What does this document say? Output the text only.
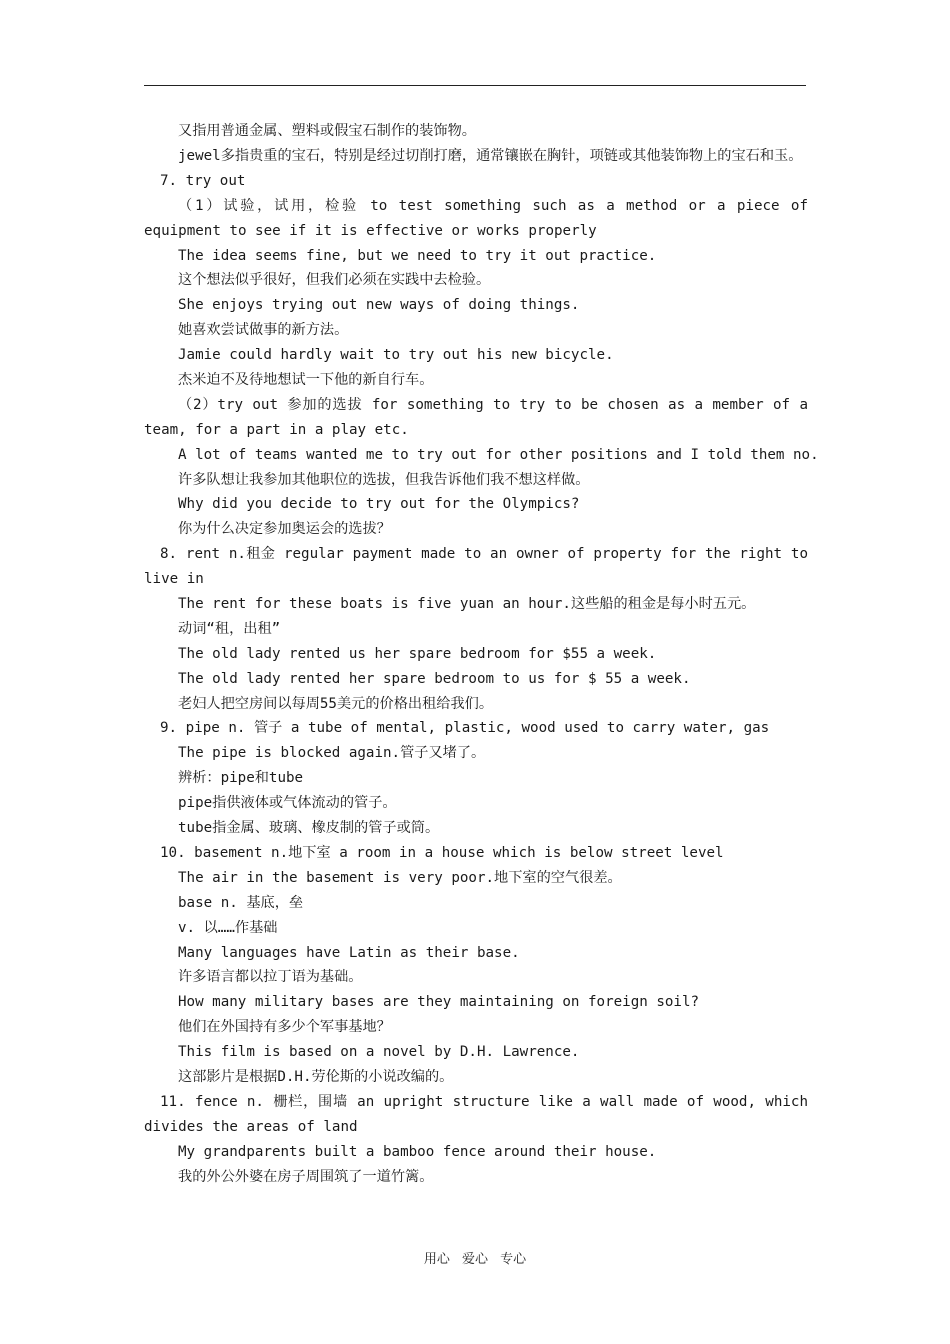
又指用普通金属、塑料或假宝石制作的装饰物。
jewel多指贵重的宝石，特别是经过切削打磨，通常镶嵌在胸针，项链或其他装饰物上的宝石和玉。
7. try out
（1）试验，试用，检验 to test something such as a method or a piece of equipment to see if it is effective or works properly
The idea seems fine, but we need to try it out practice.
这个想法似乎很好，但我们必须在实践中去检验。
She enjoys trying out new ways of doing things.
她喜欢尝试做事的新方法。
Jamie could hardly wait to try out his new bicycle.
杰米迫不及待地想试一下他的新自行车。
（2）try out 参加的选拔 for something to try to be chosen as a member of a team, for a part in a play etc.
A lot of teams wanted me to try out for other positions and I told them no.
许多队想让我参加其他职位的选拔，但我告诉他们我不想这样做。
Why did you decide to try out for the Olympics?
你为什么决定参加奥运会的选拔？
8. rent n.租金 regular payment made to an owner of property for the right to live in
The rent for these boats is five yuan an hour.这些船的租金是每小时五元。
动词“租，出租”
The old lady rented us her spare bedroom for $55 a week.
The old lady rented her spare bedroom to us for $ 55 a week.
老妇人把空房间以每周55美元的价格出租给我们。
9. pipe n. 管子 a tube of mental, plastic, wood used to carry water, gas
The pipe is blocked again.管子又堵了。
辨析：pipe和tube
pipe指供液体或气体流动的管子。
tube指金属、玻璃、橡皮制的管子或筒。
10. basement n.地下室 a room in a house which is below street level
The air in the basement is very poor.地下室的空气很差。
base n. 基底，垒
v. 以……作基础
Many languages have Latin as their base.
许多语言都以拉丁语为基础。
How many military bases are they maintaining on foreign soil?
他们在外国持有多少个军事基地？
This film is based on a novel by D.H. Lawrence.
这部影片是根据D.H.劳伦斯的小说改编的。
11. fence n. 栅栏，围墙 an upright structure like a wall made of wood, which divides the areas of land
My grandparents built a bamboo fence around their house.
我的外公外婆在房子周围筑了一道竹篱。
用心 爱心 专心
